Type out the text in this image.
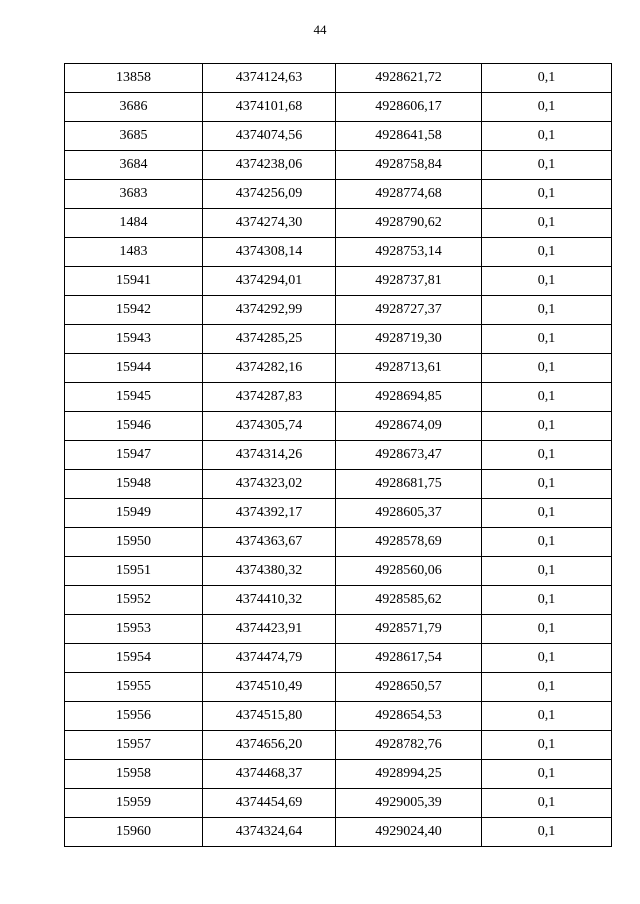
44
13858	4374124,63	4928621,72	0,1
3686	4374101,68	4928606,17	0,1
3685	4374074,56	4928641,58	0,1
3684	4374238,06	4928758,84	0,1
3683	4374256,09	4928774,68	0,1
1484	4374274,30	4928790,62	0,1
1483	4374308,14	4928753,14	0,1
15941	4374294,01	4928737,81	0,1
15942	4374292,99	4928727,37	0,1
15943	4374285,25	4928719,30	0,1
15944	4374282,16	4928713,61	0,1
15945	4374287,83	4928694,85	0,1
15946	4374305,74	4928674,09	0,1
15947	4374314,26	4928673,47	0,1
15948	4374323,02	4928681,75	0,1
15949	4374392,17	4928605,37	0,1
15950	4374363,67	4928578,69	0,1
15951	4374380,32	4928560,06	0,1
15952	4374410,32	4928585,62	0,1
15953	4374423,91	4928571,79	0,1
15954	4374474,79	4928617,54	0,1
15955	4374510,49	4928650,57	0,1
15956	4374515,80	4928654,53	0,1
15957	4374656,20	4928782,76	0,1
15958	4374468,37	4928994,25	0,1
15959	4374454,69	4929005,39	0,1
15960	4374324,64	4929024,40	0,1
